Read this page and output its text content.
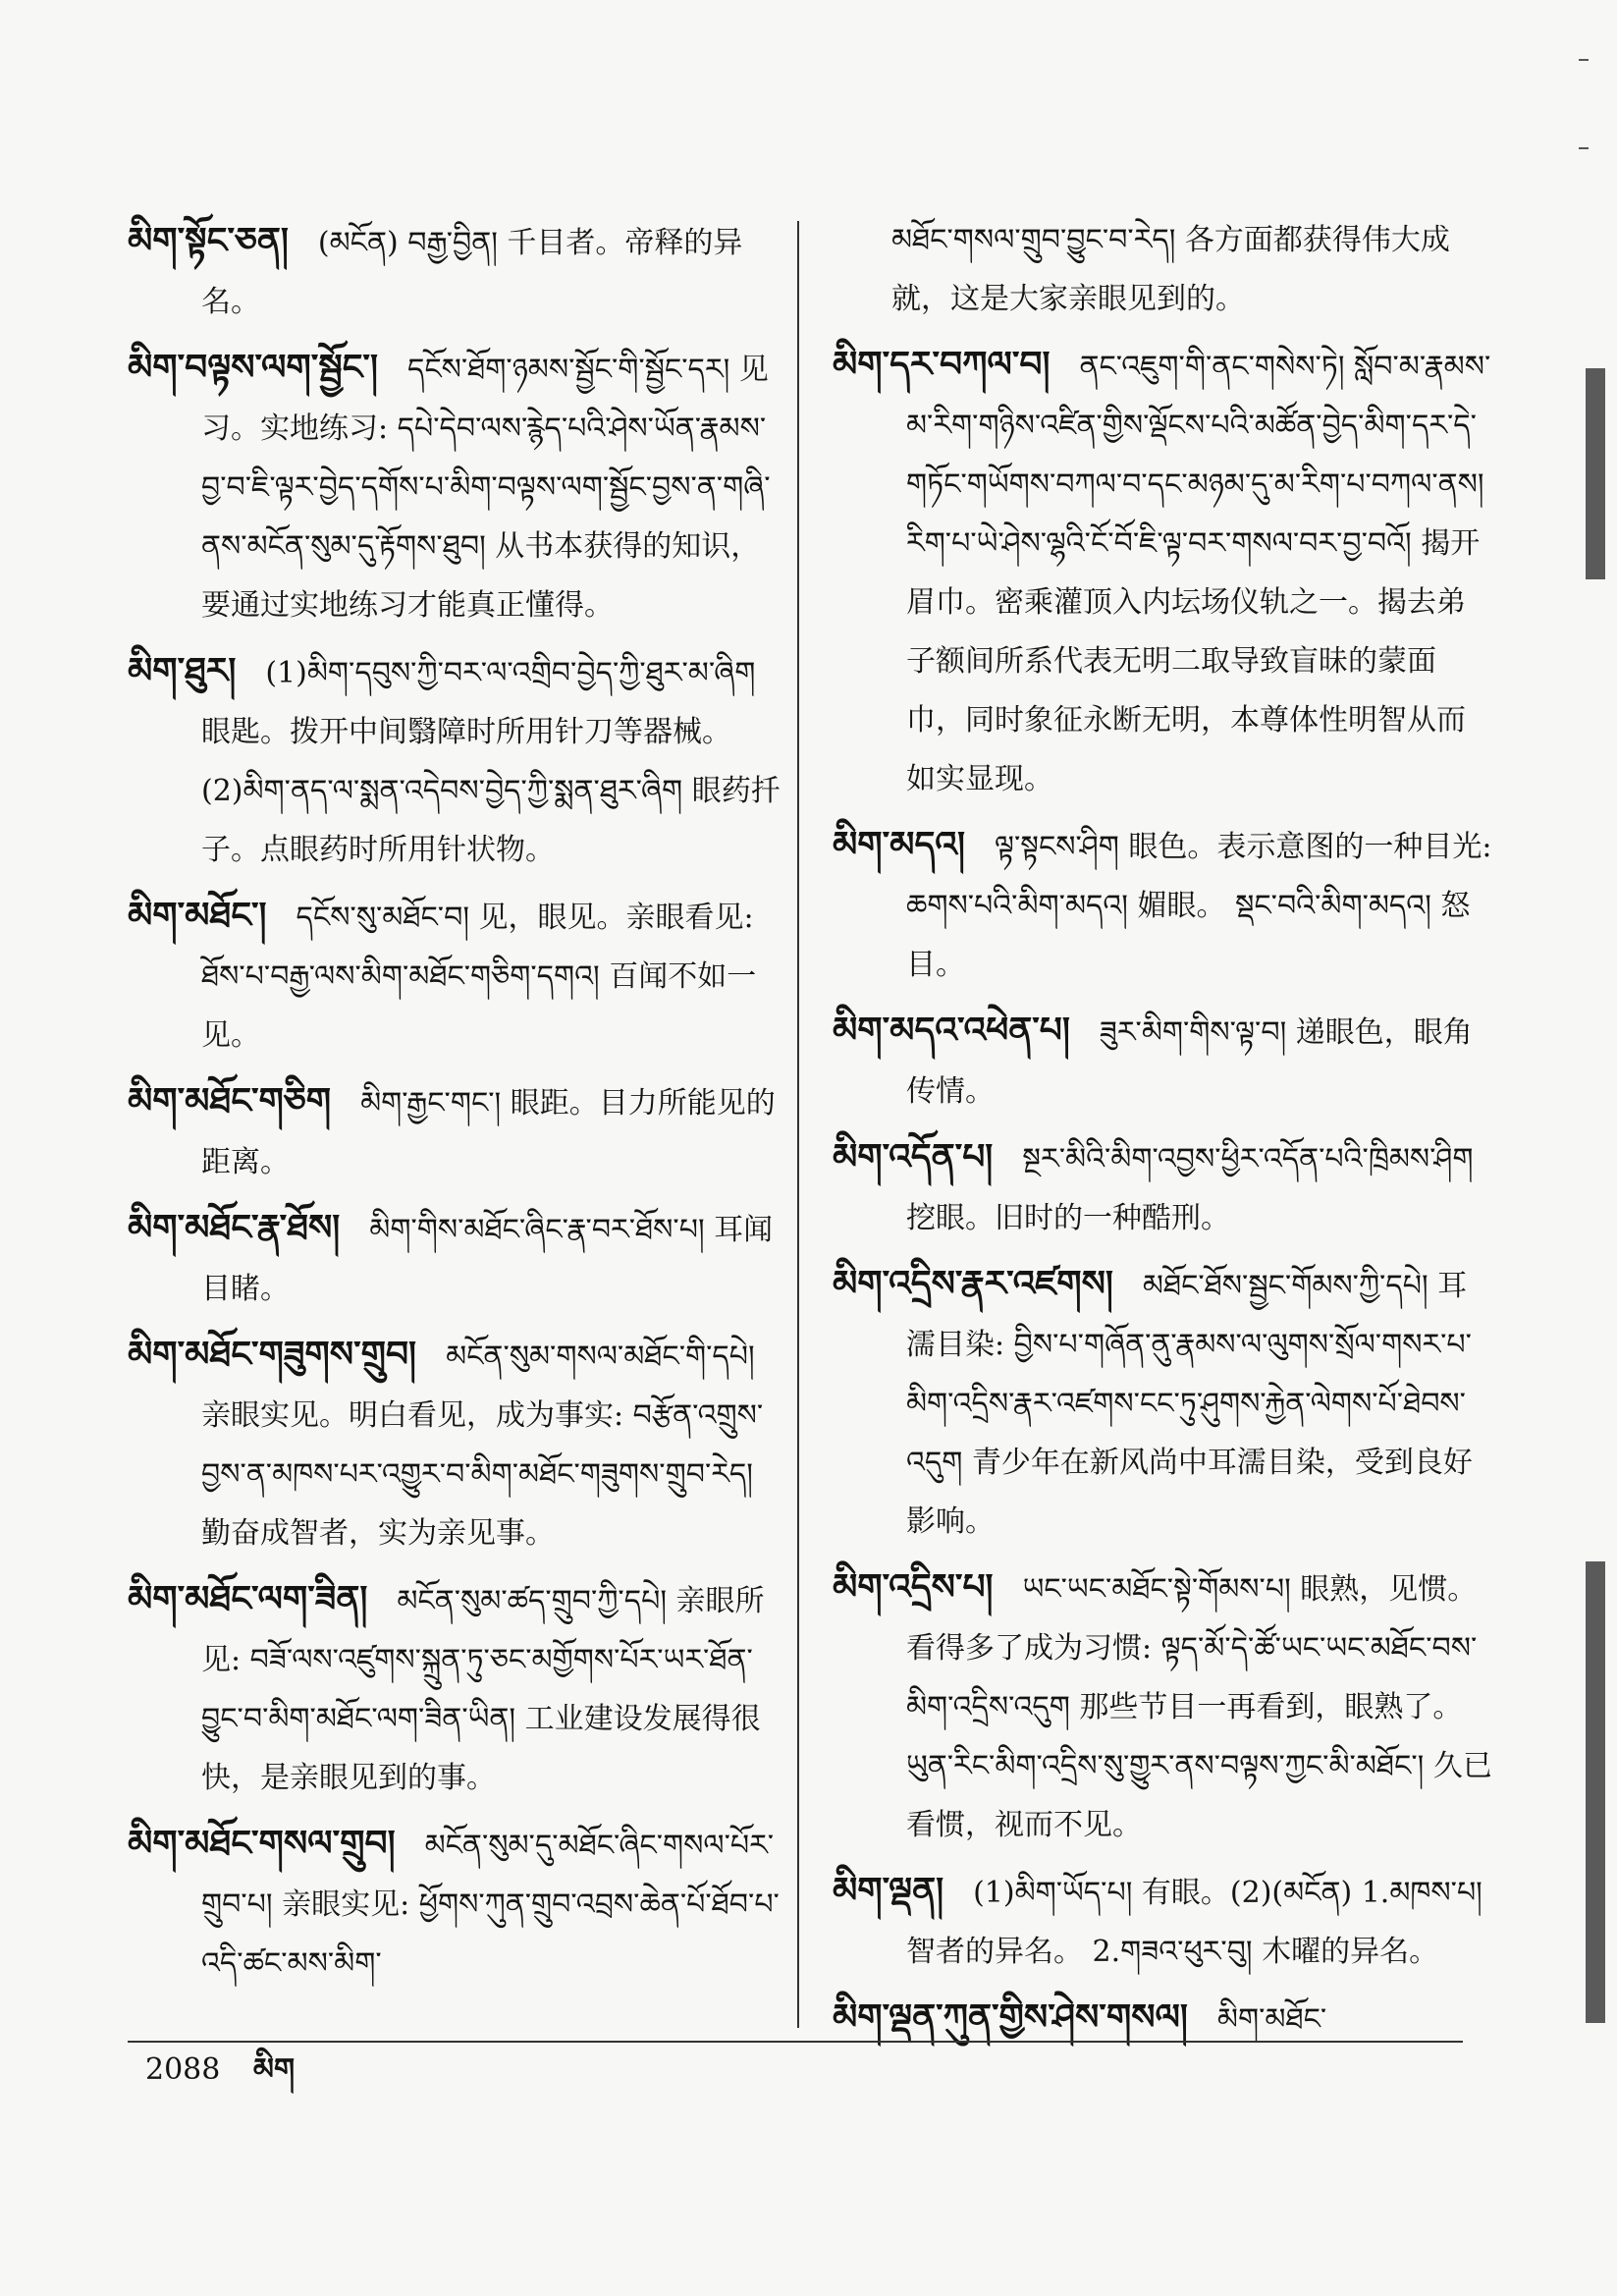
མིག་སྟོང་ཅན། (མངོན) བརྒྱ་བྱིན། 千目者。帝释的异名。

མིག་བལྟས་ལག་སྦྱོང་། དངོས་ཐོག་ཉམས་སྦྱོང་གི་སྦྱོང་དར། 见习。实地练习: དཔེ་དེབ་ལས་རྙེད་པའི་ཤེས་ཡོན་རྣམས་བྱ་བ་ཇི་ལྟར་བྱེད་དགོས་པ་མིག་བལྟས་ལག་སྦྱོང་བྱས་ན་གཞི་ནས་མངོན་སུམ་དུ་རྟོགས་ཐུབ། 从书本获得的知识，要通过实地练习才能真正懂得。

མིག་ཐུར། (1)མིག་དབུས་ཀྱི་བར་ལ་འགྲིབ་བྱེད་ཀྱི་ཐུར་མ་ཞིག 眼匙。拨开中间翳障时所用针刀等器械。 (2)མིག་ནད་ལ་སྨན་འདེབས་བྱེད་ཀྱི་སྨན་ཐུར་ཞིག 眼药扦子。点眼药时所用针状物。

མིག་མཐོང་། དངོས་སུ་མཐོང་བ། 见，眼见。亲眼看见: ཐོས་པ་བརྒྱ་ལས་མིག་མཐོང་གཅིག་དགའ། 百闻不如一见。

མིག་མཐོང་གཅིག མིག་རྒྱང་གང་། 眼距。目力所能见的距离。

མིག་མཐོང་རྣ་ཐོས། མིག་གིས་མཐོང་ཞིང་རྣ་བར་ཐོས་པ། 耳闻目睹。

མིག་མཐོང་གཟུགས་གྲུབ། མངོན་སུམ་གསལ་མཐོང་གི་དཔེ། 亲眼实见。明白看见，成为事实: བརྩོན་འགྲུས་བྱས་ན་མཁས་པར་འགྱུར་བ་མིག་མཐོང་གཟུགས་གྲུབ་རེད། 勤奋成智者，实为亲见事。

མིག་མཐོང་ལག་ཟིན། མངོན་སུམ་ཚད་གྲུབ་ཀྱི་དཔེ། 亲眼所见: བཟོ་ལས་འཛུགས་སྐྲུན་ཏུ་ཅང་མགྱོགས་པོར་ཡར་ཐོན་བྱུང་བ་མིག་མཐོང་ལག་ཟིན་ཡིན། 工业建设发展得很快，是亲眼见到的事。

མིག་མཐོང་གསལ་གྲུབ། མངོན་སུམ་དུ་མཐོང་ཞིང་གསལ་པོར་གྲུབ་པ། 亲眼实见: ཕྱོགས་ཀུན་གྲུབ་འབྲས་ཆེན་པོ་ཐོབ་པ་འདི་ཚང་མས་མིག་

མཐོང་གསལ་གྲུབ་བྱུང་བ་རེད། 各方面都获得伟大成就，这是大家亲眼见到的。

མིག་དར་བཀལ་བ། ནང་འཇུག་གི་ནང་གསེས་ཏེ། སློབ་མ་རྣམས་མ་རིག་གཉིས་འཛིན་གྱིས་ལྡོངས་པའི་མཚོན་བྱེད་མིག་དར་དེ་གཏོང་གཡོགས་བཀལ་བ་དང་མཉམ་དུ་མ་རིག་པ་བཀལ་ནས། རིག་པ་ཡེ་ཤེས་ལྷའི་ངོ་བོ་ཇི་ལྟ་བར་གསལ་བར་བྱ་བའོ། 揭开眉巾。密乘灌顶入内坛场仪轨之一。揭去弟子额间所系代表无明二取导致盲昧的蒙面巾，同时象征永断无明，本尊体性明智从而如实显现。

མིག་མདའ། ལྟ་སྟངས་ཤིག 眼色。表示意图的一种目光: ཆགས་པའི་མིག་མདའ། 媚眼。 སྡང་བའི་མིག་མདའ། 怒目。

མིག་མདའ་འཕེན་པ། ཟུར་མིག་གིས་ལྟ་བ། 递眼色，眼角传情。

མིག་འདོན་པ། སྔར་མིའི་མིག་འབྱས་ཕྱིར་འདོན་པའི་ཁྲིམས་ཤིག 挖眼。旧时的一种酷刑。

མིག་འདྲིས་རྣར་འཛགས། མཐོང་ཐོས་སྦྱང་གོམས་ཀྱི་དཔེ། 耳濡目染: བྱིས་པ་གཞོན་ནུ་རྣམས་ལ་ལུགས་སྲོལ་གསར་པ་མིག་འདྲིས་རྣར་འཛགས་ངང་ཏུ་ཤུགས་རྐྱེན་ལེགས་པོ་ཐེབས་འདུག 青少年在新风尚中耳濡目染，受到良好影响。

མིག་འདྲིས་པ། ཡང་ཡང་མཐོང་སྟེ་གོམས་པ། 眼熟，见惯。看得多了成为习惯: ལྟད་མོ་དེ་ཚོ་ཡང་ཡང་མཐོང་བས་མིག་འདྲིས་འདུག 那些节目一再看到，眼熟了。 ཡུན་རིང་མིག་འདྲིས་སུ་གྱུར་ནས་བལྟས་ཀྱང་མི་མཐོང་། 久已看惯，视而不见。

མིག་ལྡན། (1)མིག་ཡོད་པ། 有眼。(2)(མངོན) 1.མཁས་པ། 智者的异名。 2.གཟའ་ཕུར་བུ། 木曜的异名。

མིག་ལྡན་ཀུན་གྱིས་ཤེས་གསལ། མིག་མཐོང་

2088 མིག
